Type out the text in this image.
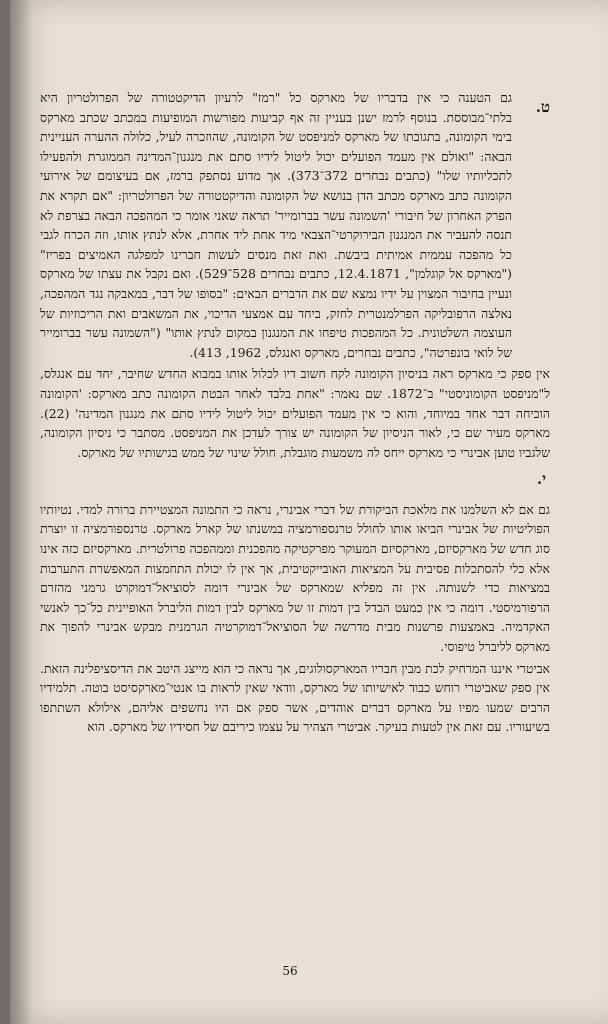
ט.

גם הטענה כי אין בדבריו של מארקס כל "רמז" לרעיון הדיקטטורה של הפרולטריון היא בלתי־מבוססת. בנוסף לרמז ישנן בעניין זה אף קביעות מפורשות המופיעות במכתב שכתב מארקס בימי הקומונה, בתגובתו של מארקס למניפסט של הקומונה, שהוזכרה לעיל, כלולה ההערה העניינית הבאה: "ואולם אין מעמד הפועלים יכול ליטול לידיו סתם את מנגנון־המדינה הממוגרת ולהפעילו לתכליותיו שלו" (כתבים נבחרים 372־373). אך מדוע נסתפק ברמז, אם בעיצומם של אירועי הקומונה כתב מארקס מכתב הדן בנושא של הקומונה והדיקטטורה של הפרולטריון: "אם תקרא את הפרק האחרון של חיבורי 'השמונה עשר בברומייר' תראה שאני אומר כי המהפכה הבאה בצרפת לא תנסה להעביר את המנגנון הבירוקרטי־הצבאי מיד אחת ליד אחרת, אלא לנתץ אותו, וזה הכרח לגבי כל מהפכה עממית אמיתית ביבשת. ואת זאת מנסים לעשות חברינו למפלגה האמיצים בפריז" ("מארקס אל קוגלמן", 12.4.1871, כתבים נבחרים 528־529). ואם נקבל את עצתו של מארקס ונעיין בחיבור המצוין על ידיו נמצא שם את הדברים הבאים: "בסופו של דבר, במאבקה נגד המהפכה, נאלצה הרפובליקה הפרלמנטרית לחזק, ביחד עם אמצעי הדיכוי, את המשאבים ואת הריכוזיות של העוצמה השלטונית. כל המהפכות טיפחו את המנגנון במקום לנתץ אותו" ("השמונה עשר בברומייר של לואי בונפרטה", כתבים נבחרים, מארקס ואנגלס, 1962, 413).

אין ספק כי מארקס ראה בניסיון הקומונה לקח חשוב דיו לכלול אותו במבוא החדש שחיבר, יחד עם אנגלס, ל"מניפסט הקומוניסטי" ב־1872. שם נאמר: "אחת בלבד לאחר הבטת הקומונה כתב מארקס: 'הקומונה הוכיחה דבר אחד במיוחד, והוא כי אין מעמד הפועלים יכול ליטול לידיו סתם את מנגנון המדינה' (22). מארקס מעיר שם כי, לאור הניסיון של הקומונה יש צורך לעדכן את המניפסט. מסתבר כי ניסיון הקומונה, שלגביו טוען אבינרי כי מארקס ייחס לה משמעות מוגבלת, חולל שינוי של ממש בגישותיו של מארקס.

י.

גם אם לא השלמנו את מלאכת הביקורת של דברי אבינרי, נראה כי התמונה המצטיירת ברורה למדי. נטיותיו הפוליטיות של אבינרי הביאו אותו לחולל טרנספורמציה במשנתו של קארל מארקס. טרנספורמציה זו יוצרת סוג חדש של מארקסיזם, מארקסיזם המעוקר מפרקטיקה מהפכנית וממהפכה פרולטרית. מארקסיזם כזה אינו אלא כלי להסתכלות פסיבית על המציאות האובייקטיבית, אך אין לו יכולת התחמצות המאפשרת התערבות במציאות כדי לשנותה. אין זה מפליא שמארקס של אבינרי דומה לסוציאל־דמוקרט גרמני מהזרם הרפורמיסטי. דומה כי אין כמעט הבדל בין דמות זו של מארקס לבין דמות הליברל האופיינית כל־כך לאנשי האקדמיה. באמצעות פרשנות מבית מדרשה של הסוציאל־דמוקרטיה הגרמנית מבקש אבינרי להפוך את מארקס לליברל טיפוסי.

אביטרי איננו המרחיק לכת מבין חבריו המארקסולוגים, אך נראה כי הוא מייצג היטב את הדיסציפלינה הזאת. אין ספק שאביטרי רוחש כבוד לאישיותו של מארקס, וודאי שאין לראות בו אנטי־מארקסיסט בוטה. תלמידיו הרבים שמעו מפיו על מארקס דברים אוהדים, אשר ספק אם היו נחשפים אליהם, אילולא השתתפו בשיעוריו. עם זאת אין לטעות בעיקר. אביטרי הצהיר על עצמו כיריבם של חסידיו של מארקס. הוא

56
